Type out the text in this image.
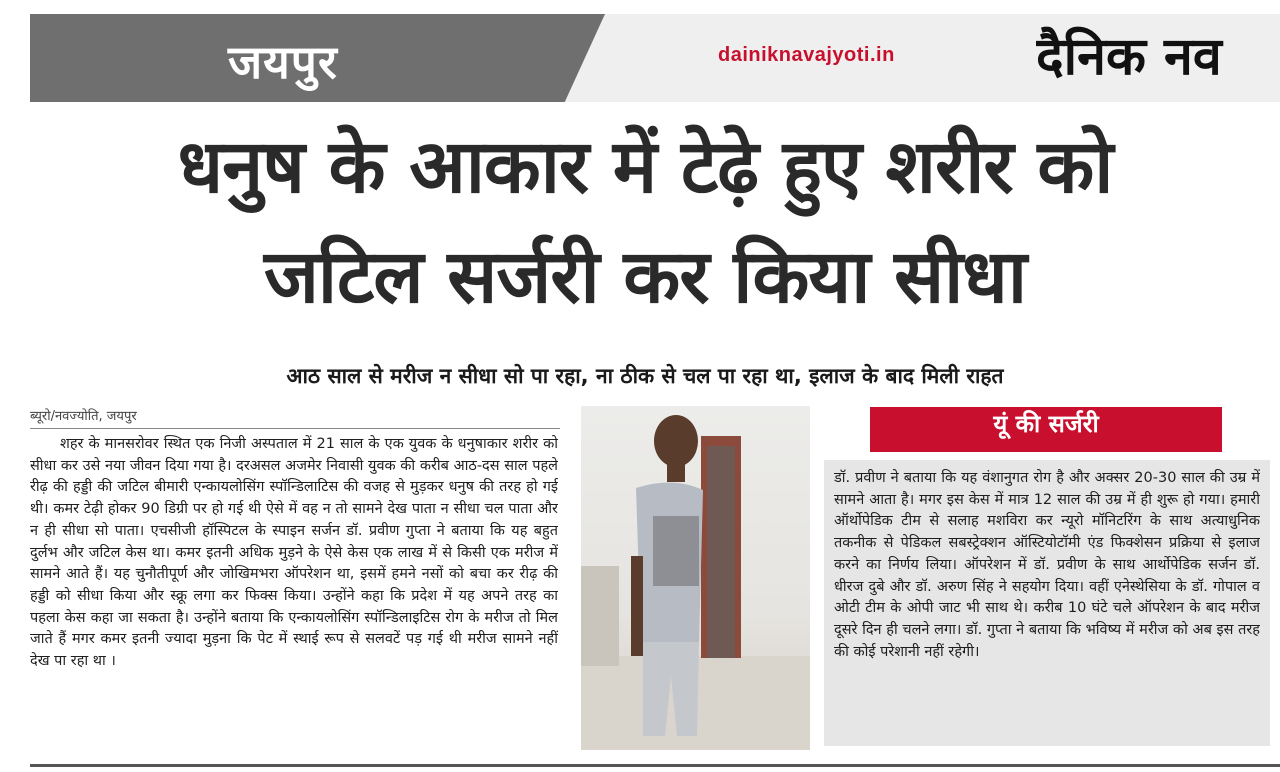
जयपुर	dainiknavajyoti.in	दैनिक नव
धनुष के आकार में टेढ़े हुए शरीर को
जटिल सर्जरी कर किया सीधा
आठ साल से मरीज न सीधा सो पा रहा, ना ठीक से चल पा रहा था, इलाज के बाद मिली राहत
ब्यूरो/नवज्योति, जयपुर
शहर के मानसरोवर स्थित एक निजी अस्पताल में 21 साल के एक युवक के धनुषाकार शरीर को सीधा कर उसे नया जीवन दिया गया है। दरअसल अजमेर निवासी युवक की करीब आठ-दस साल पहले रीढ़ की हड्डी की जटिल बीमारी एन्कायलोसिंग स्पॉन्डिलाटिस की वजह से मुड़कर धनुष की तरह हो गई थी। कमर टेढ़ी होकर 90 डिग्री पर हो गई थी ऐसे में वह न तो सामने देख पाता न सीधा चल पाता और न ही सीधा सो पाता। एचसीजी हॉस्पिटल के स्पाइन सर्जन डॉ. प्रवीण गुप्ता ने बताया कि यह बहुत दुर्लभ और जटिल केस था। कमर इतनी अधिक मुड़ने के ऐसे केस एक लाख में से किसी एक मरीज में सामने आते हैं। यह चुनौतीपूर्ण और जोखिमभरा ऑपरेशन था, इसमें हमने नसों को बचा कर रीढ़ की हड्डी को सीधा किया और स्क्रू लगा कर फिक्स किया। उन्होंने कहा कि प्रदेश में यह अपने तरह का पहला केस कहा जा सकता है। उन्होंने बताया कि एन्कायलोसिंग स्पॉन्डिलाइटिस रोग के मरीज तो मिल जाते हैं मगर कमर इतनी ज्यादा मुड़ना कि पेट में स्थाई रूप से सलवटें पड़ गई थी मरीज सामने नहीं देख पा रहा था ।
यूं की सर्जरी
डॉ. प्रवीण ने बताया कि यह वंशानुगत रोग है और अक्सर 20-30 साल की उम्र में सामने आता है। मगर इस केस में मात्र 12 साल की उम्र में ही शुरू हो गया। हमारी ऑर्थोपेडिक टीम से सलाह मशविरा कर न्यूरो मॉनिटरिंग के साथ अत्याधुनिक तकनीक से पेडिकल सबस्ट्रेक्शन ऑस्टियोटॉमी एंड फिक्शेसन प्रक्रिया से इलाज करने का निर्णय लिया। ऑपरेशन में डॉ. प्रवीण के साथ आर्थोपेडिक सर्जन डॉ. धीरज दुबे और डॉ. अरुण सिंह ने सहयोग दिया। वहीं एनेस्थेसिया के डॉ. गोपाल व ओटी टीम के ओपी जाट भी साथ थे। करीब 10 घंटे चले ऑपरेशन के बाद मरीज दूसरे दिन ही चलने लगा। डॉ. गुप्ता ने बताया कि भविष्य में मरीज को अब इस तरह की कोई परेशानी नहीं रहेगी।
